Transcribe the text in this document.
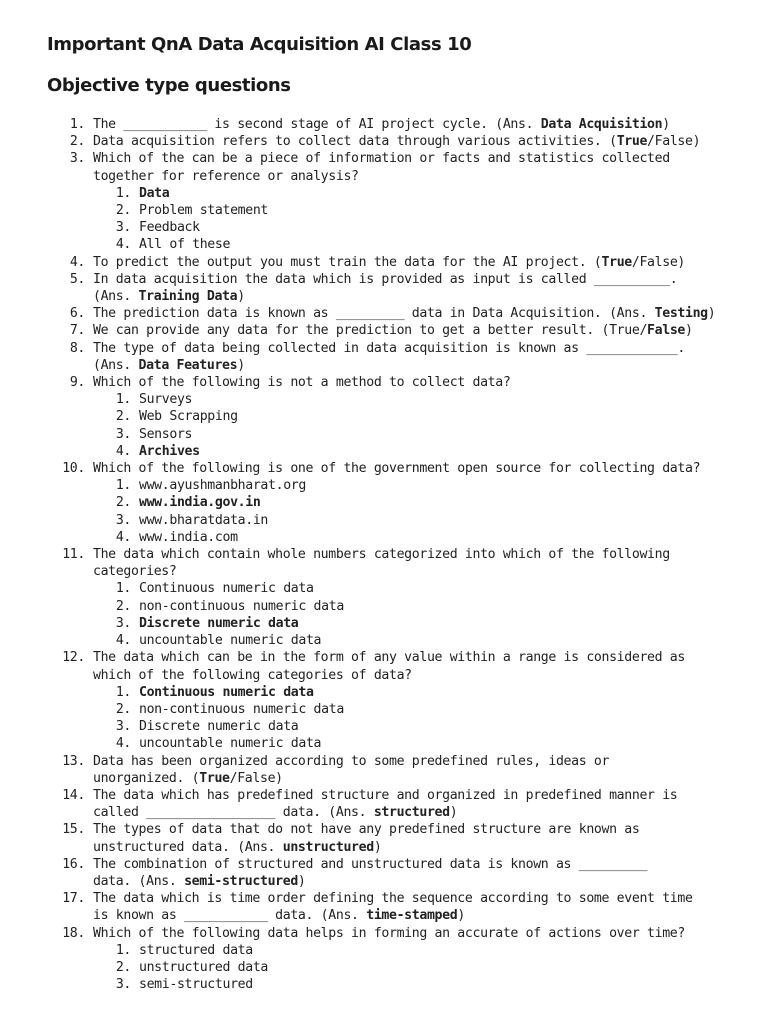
Important QnA Data Acquisition AI Class 10
Objective type questions
1. The ___________ is second stage of AI project cycle. (Ans. Data Acquisition)
2. Data acquisition refers to collect data through various activities. (True/False)
3. Which of the can be a piece of information or facts and statistics collected
together for reference or analysis?
1. Data
2. Problem statement
3. Feedback
4. All of these
4. To predict the output you must train the data for the AI project. (True/False)
5. In data acquisition the data which is provided as input is called __________.
(Ans. Training Data)
6. The prediction data is known as _________ data in Data Acquisition. (Ans. Testing)
7. We can provide any data for the prediction to get a better result. (True/False)
8. The type of data being collected in data acquisition is known as ____________.
(Ans. Data Features)
9. Which of the following is not a method to collect data?
1. Surveys
2. Web Scrapping
3. Sensors
4. Archives
10. Which of the following is one of the government open source for collecting data?
1. www.ayushmanbharat.org
2. www.india.gov.in
3. www.bharatdata.in
4. www.india.com
11. The data which contain whole numbers categorized into which of the following
categories?
1. Continuous numeric data
2. non-continuous numeric data
3. Discrete numeric data
4. uncountable numeric data
12. The data which can be in the form of any value within a range is considered as
which of the following categories of data?
1. Continuous numeric data
2. non-continuous numeric data
3. Discrete numeric data
4. uncountable numeric data
13. Data has been organized according to some predefined rules, ideas or
unorganized. (True/False)
14. The data which has predefined structure and organized in predefined manner is
called _________________ data. (Ans. structured)
15. The types of data that do not have any predefined structure are known as
unstructured data. (Ans. unstructured)
16. The combination of structured and unstructured data is known as _________
data. (Ans. semi-structured)
17. The data which is time order defining the sequence according to some event time
is known as ___________ data. (Ans. time-stamped)
18. Which of the following data helps in forming an accurate of actions over time?
1. structured data
2. unstructured data
3. semi-structured
